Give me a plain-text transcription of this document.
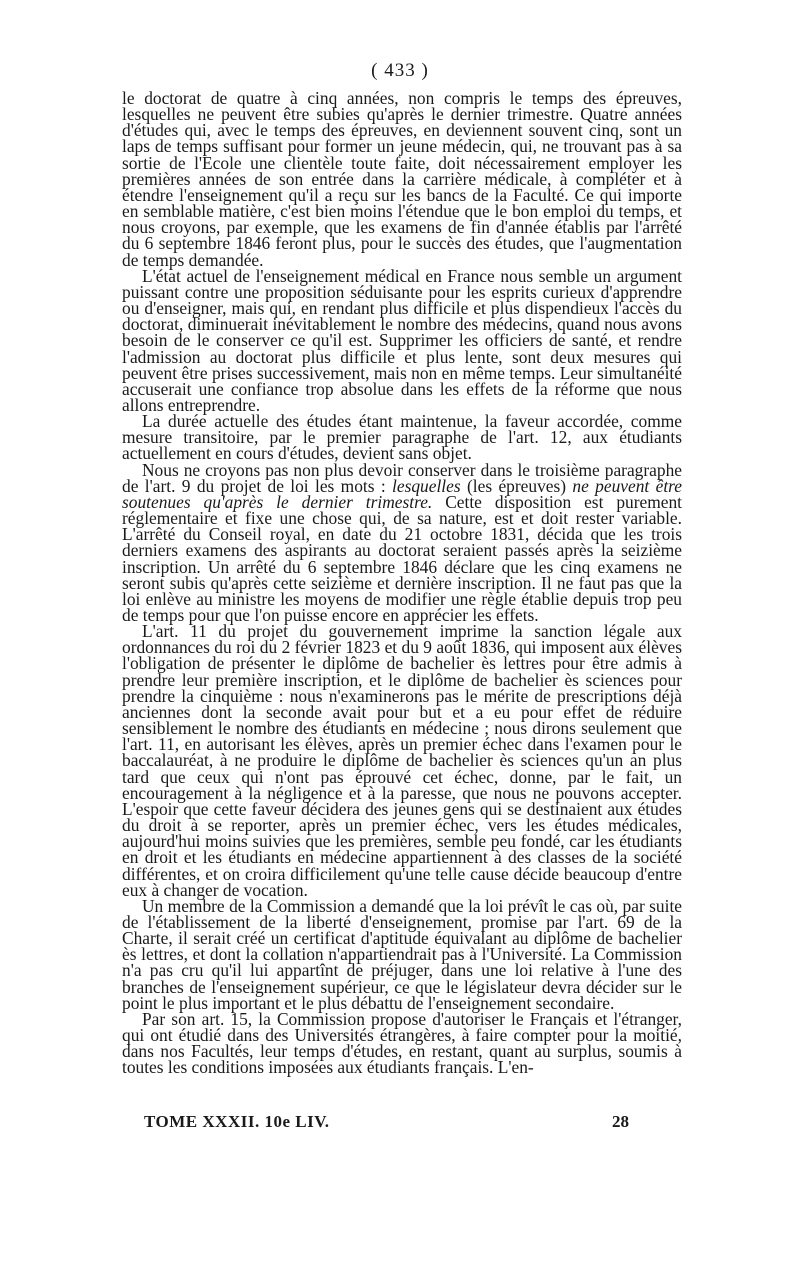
( 433 )

le doctorat de quatre à cinq années, non compris le temps des épreuves, lesquelles ne peuvent être subies qu'après le dernier trimestre. Quatre années d'études qui, avec le temps des épreuves, en deviennent souvent cinq, sont un laps de temps suffisant pour former un jeune médecin, qui, ne trouvant pas à sa sortie de l'Ecole une clientèle toute faite, doit nécessairement employer les premières années de son entrée dans la carrière médicale, à compléter et à étendre l'enseignement qu'il a reçu sur les bancs de la Faculté. Ce qui importe en semblable matière, c'est bien moins l'étendue que le bon emploi du temps, et nous croyons, par exemple, que les examens de fin d'année établis par l'arrêté du 6 septembre 1846 feront plus, pour le succès des études, que l'augmentation de temps demandée.

L'état actuel de l'enseignement médical en France nous semble un argument puissant contre une proposition séduisante pour les esprits curieux d'apprendre ou d'enseigner, mais qui, en rendant plus difficile et plus dispendieux l'accès du doctorat, diminuerait inévitablement le nombre des médecins, quand nous avons besoin de le conserver ce qu'il est. Supprimer les officiers de santé, et rendre l'admission au doctorat plus difficile et plus lente, sont deux mesures qui peuvent être prises successivement, mais non en même temps. Leur simultanéité accuserait une confiance trop absolue dans les effets de la réforme que nous allons entreprendre.

La durée actuelle des études étant maintenue, la faveur accordée, comme mesure transitoire, par le premier paragraphe de l'art. 12, aux étudiants actuellement en cours d'études, devient sans objet.

Nous ne croyons pas non plus devoir conserver dans le troisième paragraphe de l'art. 9 du projet de loi les mots : lesquelles (les épreuves) ne peuvent être soutenues qu'après le dernier trimestre. Cette disposition est purement réglementaire et fixe une chose qui, de sa nature, est et doit rester variable. L'arrêté du Conseil royal, en date du 21 octobre 1831, décida que les trois derniers examens des aspirants au doctorat seraient passés après la seizième inscription. Un arrêté du 6 septembre 1846 déclare que les cinq examens ne seront subis qu'après cette seizième et dernière inscription. Il ne faut pas que la loi enlève au ministre les moyens de modifier une règle établie depuis trop peu de temps pour que l'on puisse encore en apprécier les effets.

L'art. 11 du projet du gouvernement imprime la sanction légale aux ordonnances du roi du 2 février 1823 et du 9 août 1836, qui imposent aux élèves l'obligation de présenter le diplôme de bachelier ès lettres pour être admis à prendre leur première inscription, et le diplôme de bachelier ès sciences pour prendre la cinquième : nous n'examinerons pas le mérite de prescriptions déjà anciennes dont la seconde avait pour but et a eu pour effet de réduire sensiblement le nombre des étudiants en médecine ; nous dirons seulement que l'art. 11, en autorisant les élèves, après un premier échec dans l'examen pour le baccalauréat, à ne produire le diplôme de bachelier ès sciences qu'un an plus tard que ceux qui n'ont pas éprouvé cet échec, donne, par le fait, un encouragement à la négligence et à la paresse, que nous ne pouvons accepter. L'espoir que cette faveur décidera des jeunes gens qui se destinaient aux études du droit à se reporter, après un premier échec, vers les études médicales, aujourd'hui moins suivies que les premières, semble peu fondé, car les étudiants en droit et les étudiants en médecine appartiennent à des classes de la société différentes, et on croira difficilement qu'une telle cause décide beaucoup d'entre eux à changer de vocation.

Un membre de la Commission a demandé que la loi prévît le cas où, par suite de l'établissement de la liberté d'enseignement, promise par l'art. 69 de la Charte, il serait créé un certificat d'aptitude équivalant au diplôme de bachelier ès lettres, et dont la collation n'appartiendrait pas à l'Université. La Commission n'a pas cru qu'il lui appartînt de préjuger, dans une loi relative à l'une des branches de l'enseignement supérieur, ce que le législateur devra décider sur le point le plus important et le plus débattu de l'enseignement secondaire.

Par son art. 15, la Commission propose d'autoriser le Français et l'étranger, qui ont étudié dans des Universités étrangères, à faire compter pour la moitié, dans nos Facultés, leur temps d'études, en restant, quant au surplus, soumis à toutes les conditions imposées aux étudiants français. L'en-

TOME XXXII. 10e LIV.	28
